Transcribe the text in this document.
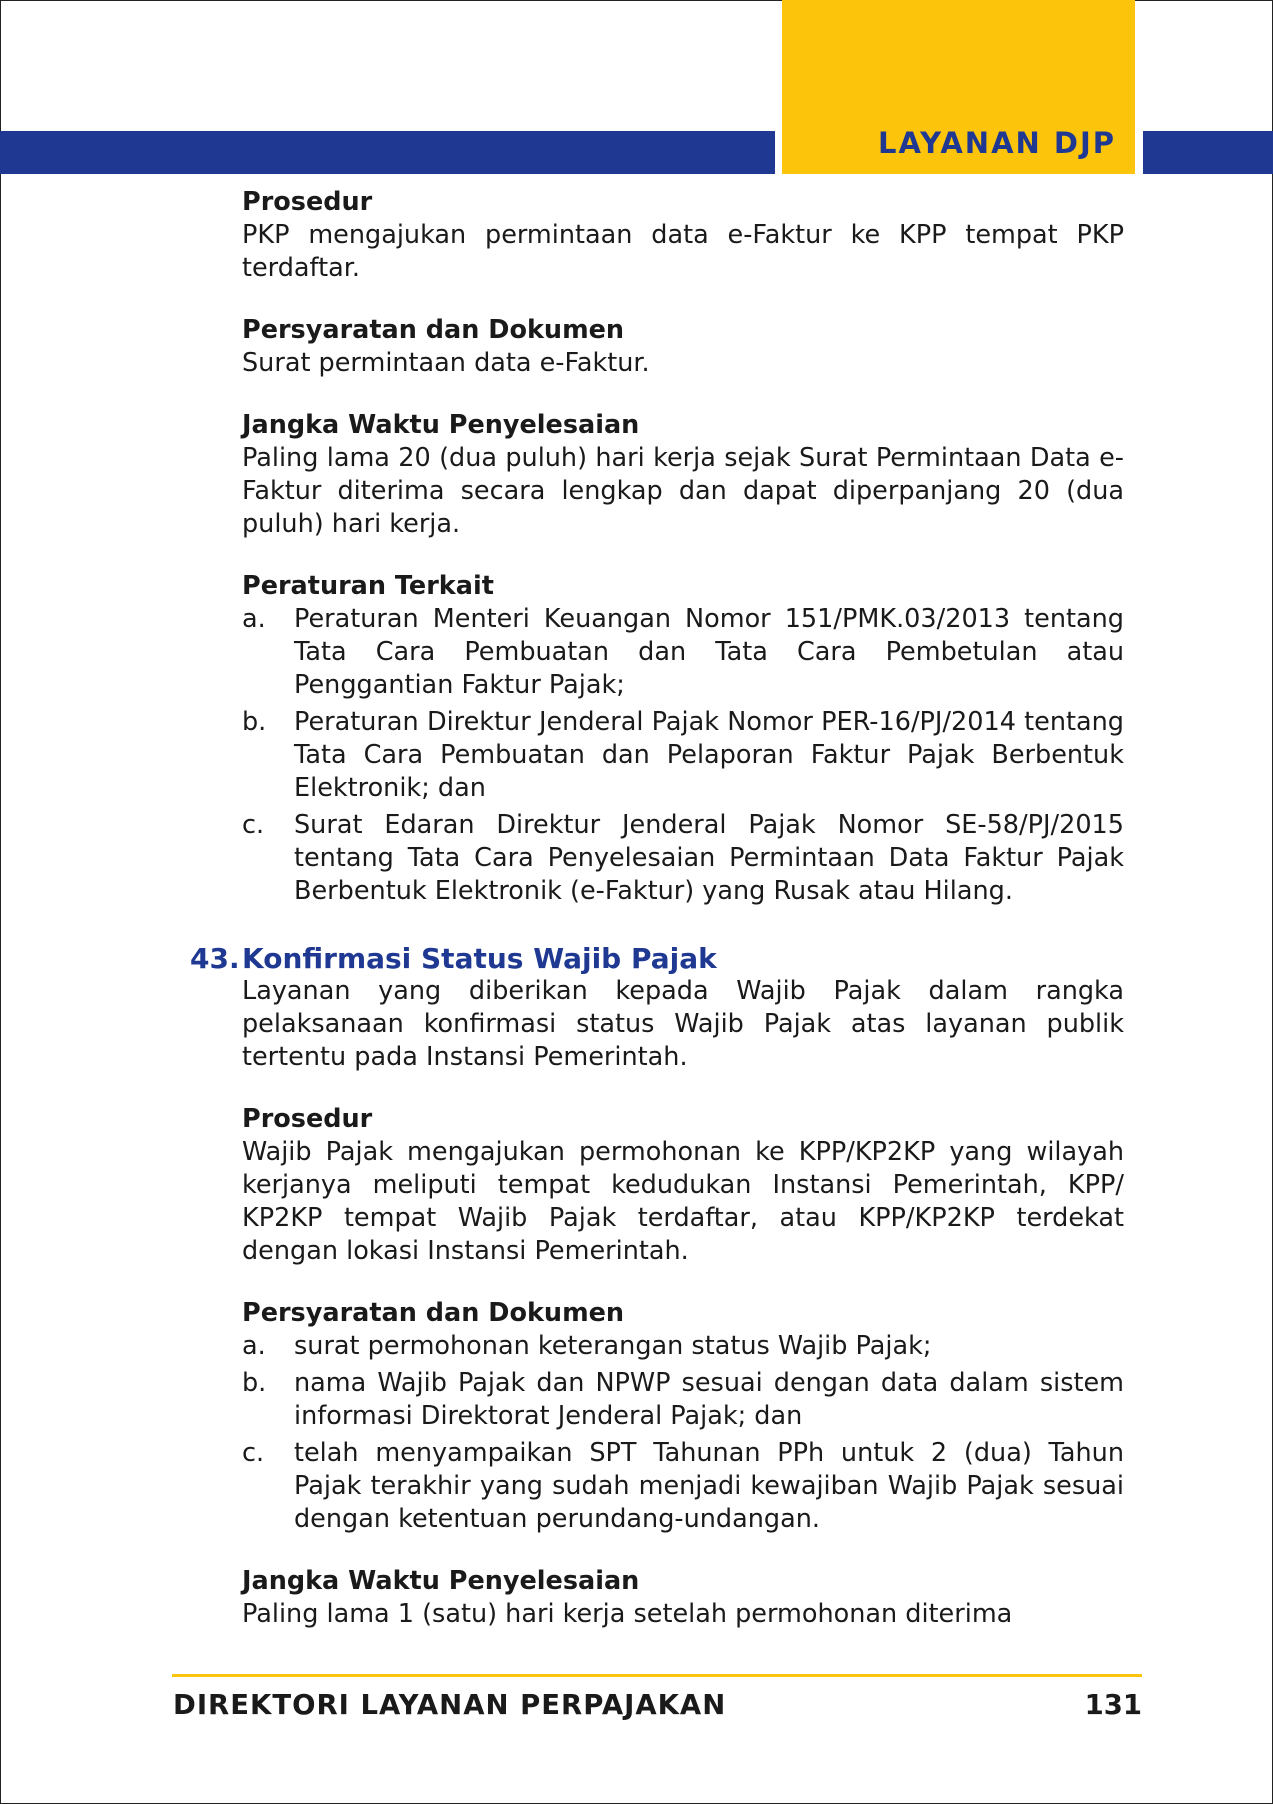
LAYANAN DJP

Prosedur

PKP mengajukan permintaan data e-Faktur ke KPP tempat PKP terdaftar.

Persyaratan dan Dokumen

Surat permintaan data e-Faktur.

Jangka Waktu Penyelesaian

Paling lama 20 (dua puluh) hari kerja sejak Surat Permintaan Data e-Faktur diterima secara lengkap dan dapat diperpanjang 20 (dua puluh) hari kerja.

Peraturan Terkait

a. Peraturan Menteri Keuangan Nomor 151/PMK.03/2013 tentang Tata Cara Pembuatan dan Tata Cara Pembetulan atau Penggantian Faktur Pajak;
b. Peraturan Direktur Jenderal Pajak Nomor PER-16/PJ/2014 tentang Tata Cara Pembuatan dan Pelaporan Faktur Pajak Berbentuk Elektronik; dan
c. Surat Edaran Direktur Jenderal Pajak Nomor SE-58/PJ/2015 tentang Tata Cara Penyelesaian Permintaan Data Faktur Pajak Berbentuk Elektronik (e-Faktur) yang Rusak atau Hilang.
43. Konfirmasi Status Wajib Pajak

Layanan yang diberikan kepada Wajib Pajak dalam rangka pelaksanaan konfirmasi status Wajib Pajak atas layanan publik tertentu pada Instansi Pemerintah.

Prosedur

Wajib Pajak mengajukan permohonan ke KPP/KP2KP yang wilayah kerjanya meliputi tempat kedudukan Instansi Pemerintah, KPP/ KP2KP tempat Wajib Pajak terdaftar, atau KPP/KP2KP terdekat dengan lokasi Instansi Pemerintah.

Persyaratan dan Dokumen

a. surat permohonan keterangan status Wajib Pajak;
b. nama Wajib Pajak dan NPWP sesuai dengan data dalam sistem informasi Direktorat Jenderal Pajak; dan
c. telah menyampaikan SPT Tahunan PPh untuk 2 (dua) Tahun Pajak terakhir yang sudah menjadi kewajiban Wajib Pajak sesuai dengan ketentuan perundang-undangan.

Jangka Waktu Penyelesaian

Paling lama 1 (satu) hari kerja setelah permohonan diterima

DIREKTORI LAYANAN PERPAJAKAN	131
